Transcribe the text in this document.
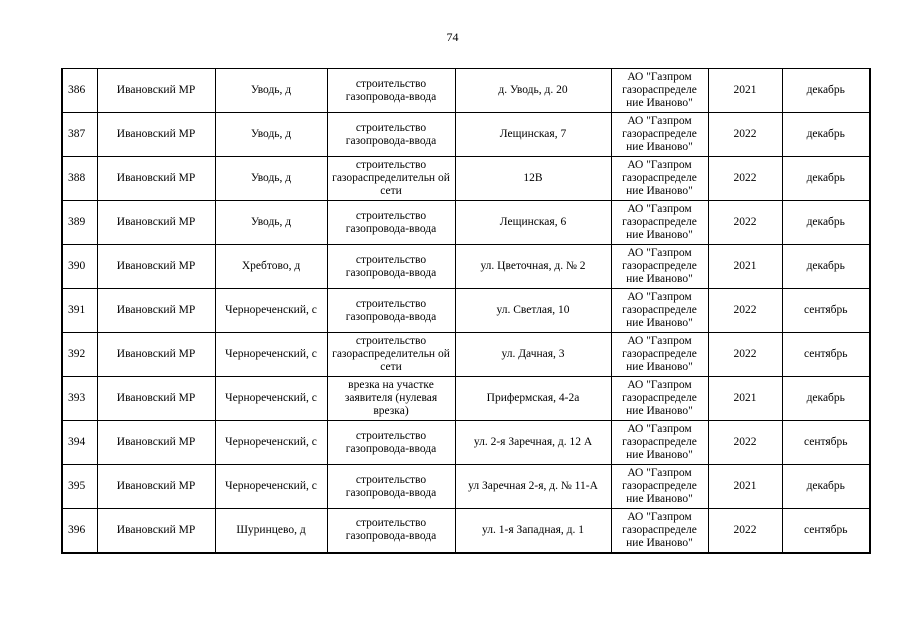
74
386	Ивановский МР	Уводь, д	строительство газопровода-ввода	д. Уводь, д. 20	АО "Газпром газораспределе ние Иваново"	2021	декабрь
387	Ивановский МР	Уводь, д	строительство газопровода-ввода	Лещинская, 7	АО "Газпром газораспределе ние Иваново"	2022	декабрь
388	Ивановский МР	Уводь, д	строительство газораспределительн ой сети	12В	АО "Газпром газораспределе ние Иваново"	2022	декабрь
389	Ивановский МР	Уводь, д	строительство газопровода-ввода	Лещинская, 6	АО "Газпром газораспределе ние Иваново"	2022	декабрь
390	Ивановский МР	Хребтово, д	строительство газопровода-ввода	ул. Цветочная, д. № 2	АО "Газпром газораспределе ние Иваново"	2021	декабрь
391	Ивановский МР	Чернореченский, с	строительство газопровода-ввода	ул. Светлая, 10	АО "Газпром газораспределе ние Иваново"	2022	сентябрь
392	Ивановский МР	Чернореченский, с	строительство газораспределительн ой сети	ул. Дачная, 3	АО "Газпром газораспределе ние Иваново"	2022	сентябрь
393	Ивановский МР	Чернореченский, с	врезка на участке заявителя (нулевая врезка)	Прифермская, 4-2а	АО "Газпром газораспределе ние Иваново"	2021	декабрь
394	Ивановский МР	Чернореченский, с	строительство газопровода-ввода	ул. 2-я Заречная, д. 12 А	АО "Газпром газораспределе ние Иваново"	2022	сентябрь
395	Ивановский МР	Чернореченский, с	строительство газопровода-ввода	ул Заречная 2-я, д. № 11-А	АО "Газпром газораспределе ние Иваново"	2021	декабрь
396	Ивановский МР	Шуринцево, д	строительство газопровода-ввода	ул. 1-я Западная, д. 1	АО "Газпром газораспределе ние Иваново"	2022	сентябрь
